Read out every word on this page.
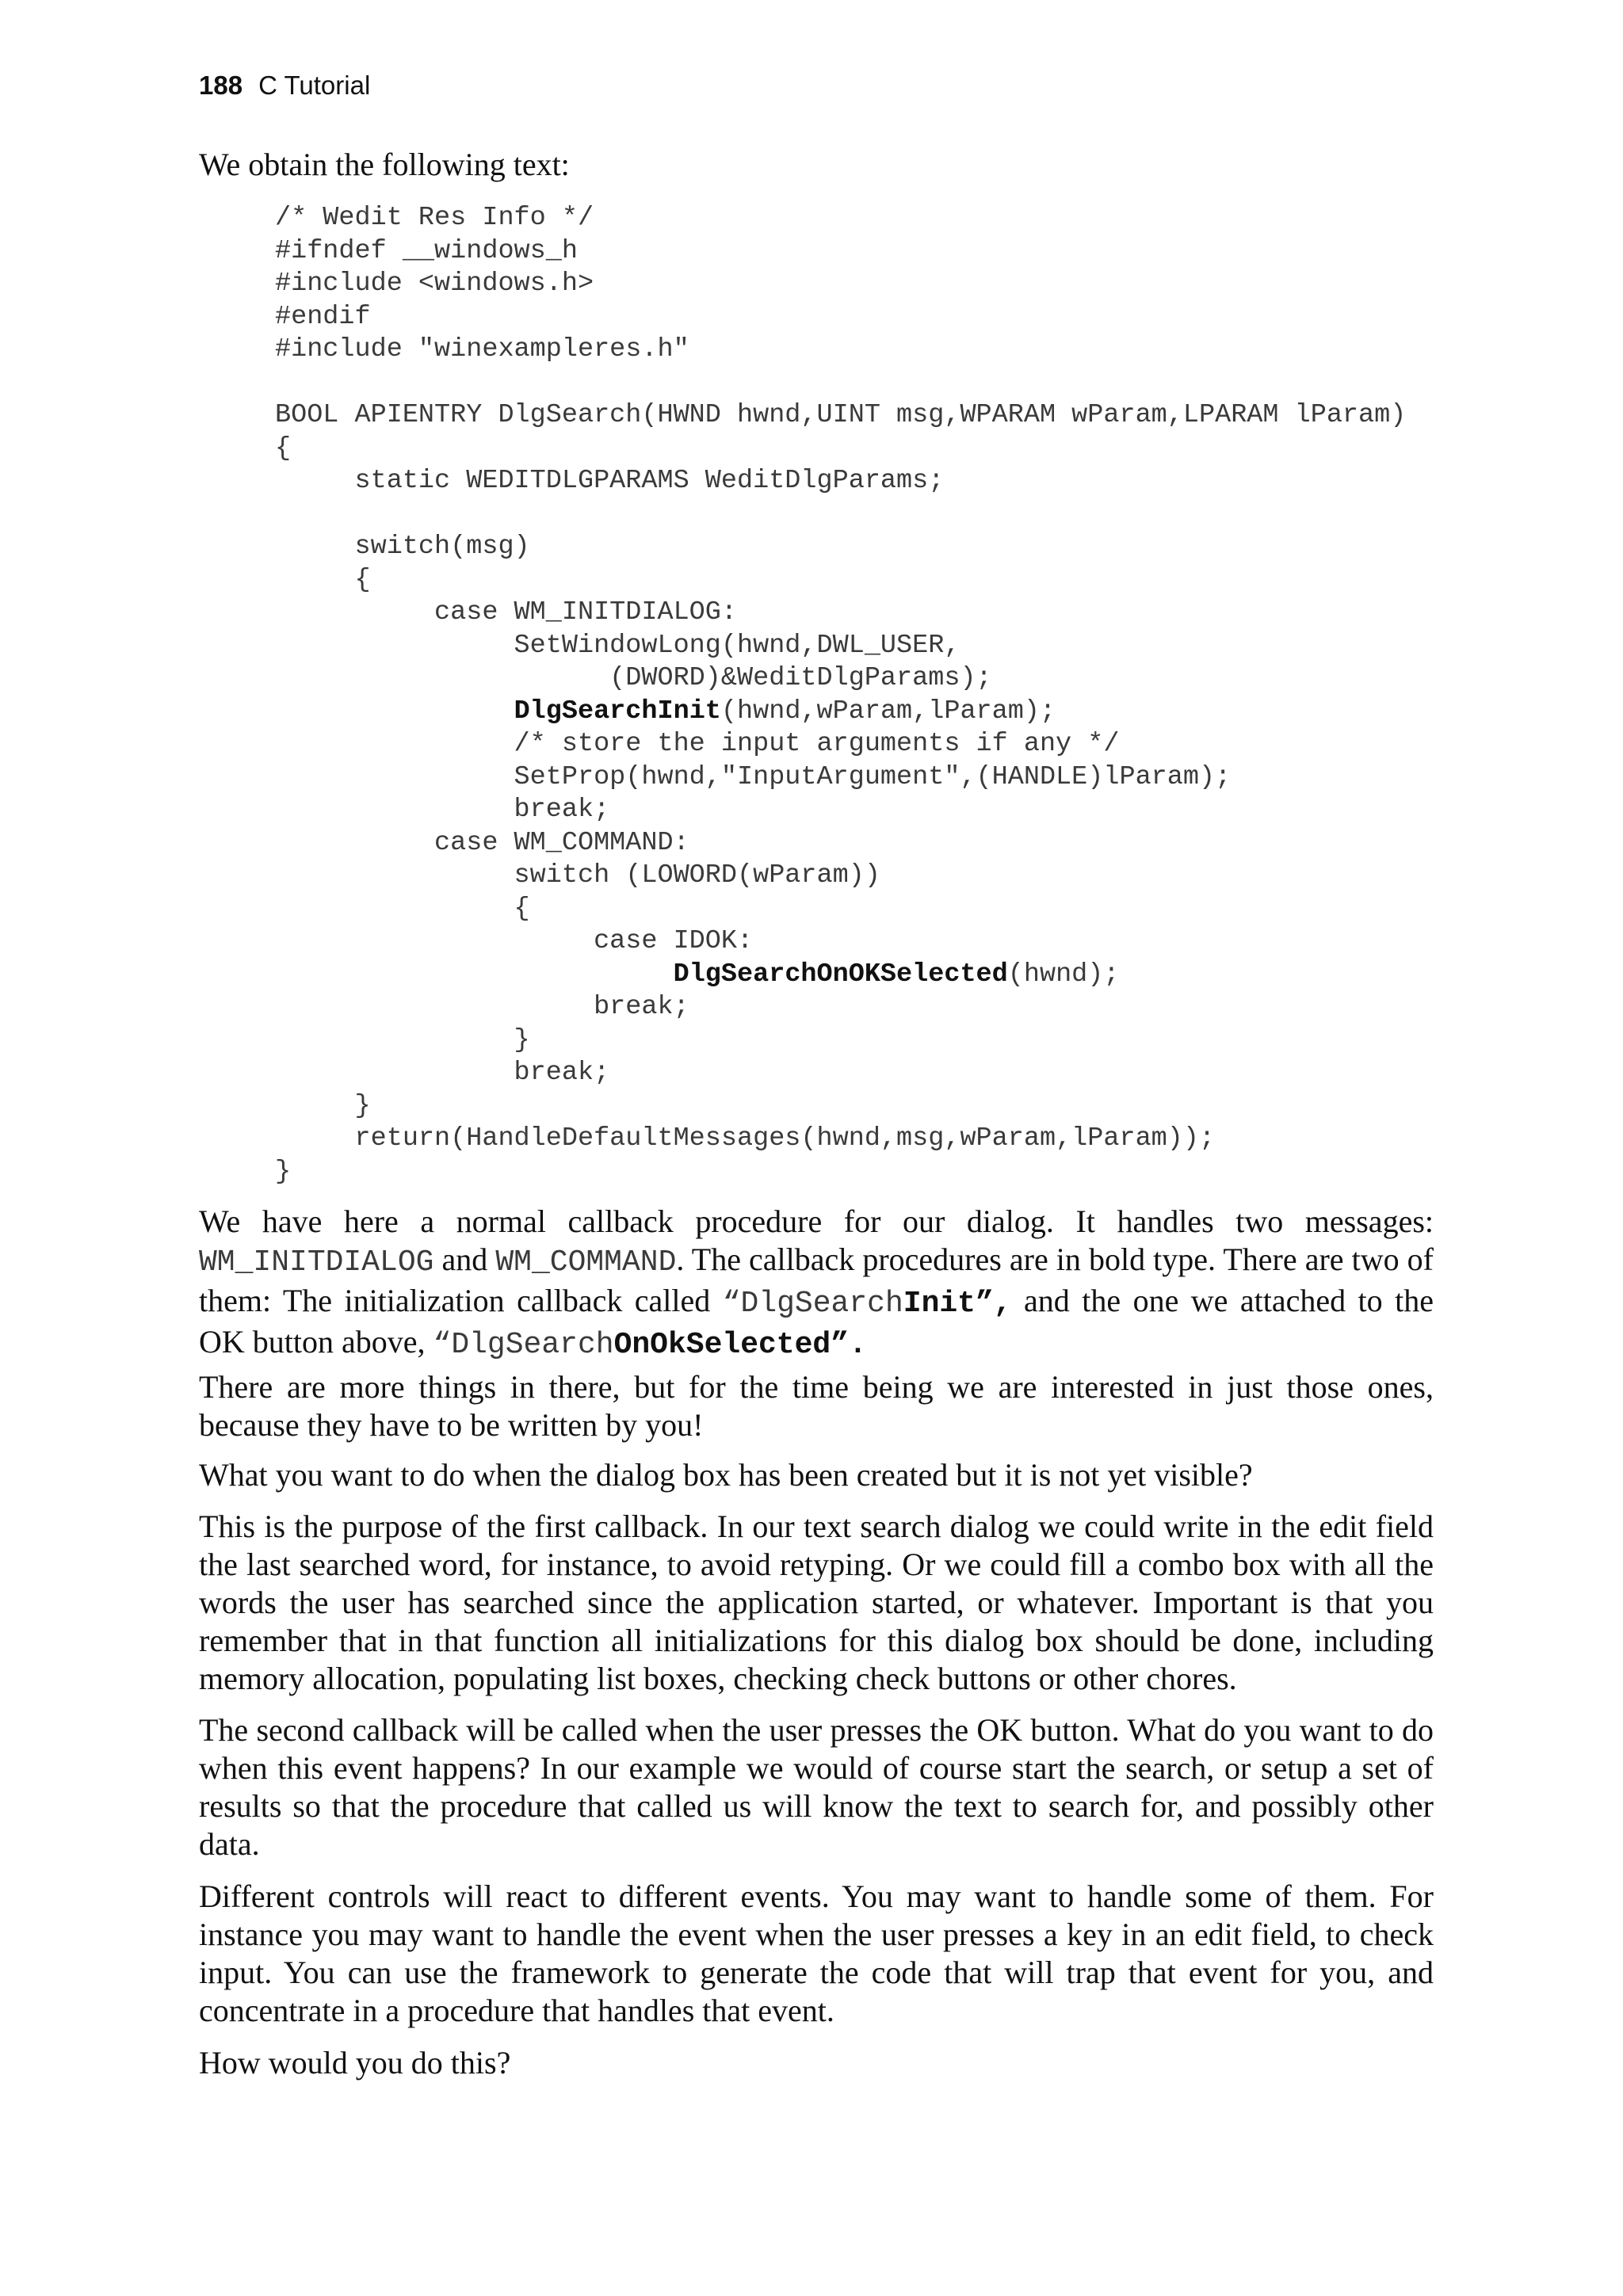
188 C Tutorial

We obtain the following text:

/* Wedit Res Info */
#ifndef __windows_h
#include <windows.h>
#endif
#include "winexampleres.h"
BOOL APIENTRY DlgSearch(HWND hwnd,UINT msg,WPARAM wParam,LPARAM lParam)
{
static WEDITDLGPARAMS WeditDlgParams;
switch(msg)
{
case WM_INITDIALOG:
SetWindowLong(hwnd,DWL_USER,
(DWORD)&WeditDlgParams);
DlgSearchInit(hwnd,wParam,lParam);
/* store the input arguments if any */
SetProp(hwnd,"InputArgument",(HANDLE)lParam);
break;
case WM_COMMAND:
switch (LOWORD(wParam))
{
case IDOK:
DlgSearchOnOKSelected(hwnd);
break;
}
break;
}
return(HandleDefaultMessages(hwnd,msg,wParam,lParam));
}

We have here a normal callback procedure for our dialog. It handles two messages: WM_INITDIALOG and WM_COMMAND. The callback procedures are in bold type. There are two of them: The initialization callback called “DlgSearchInit”, and the one we attached to the OK button above, “DlgSearchOnOkSelected”.

There are more things in there, but for the time being we are interested in just those ones, because they have to be written by you!

What you want to do when the dialog box has been created but it is not yet visible?

This is the purpose of the first callback. In our text search dialog we could write in the edit field the last searched word, for instance, to avoid retyping. Or we could fill a combo box with all the words the user has searched since the application started, or whatever. Important is that you remember that in that function all initializations for this dialog box should be done, including memory allocation, populating list boxes, checking check buttons or other chores.

The second callback will be called when the user presses the OK button. What do you want to do when this event happens? In our example we would of course start the search, or setup a set of results so that the procedure that called us will know the text to search for, and possibly other data.

Different controls will react to different events. You may want to handle some of them. For instance you may want to handle the event when the user presses a key in an edit field, to check input. You can use the framework to generate the code that will trap that event for you, and concentrate in a procedure that handles that event.

How would you do this?
